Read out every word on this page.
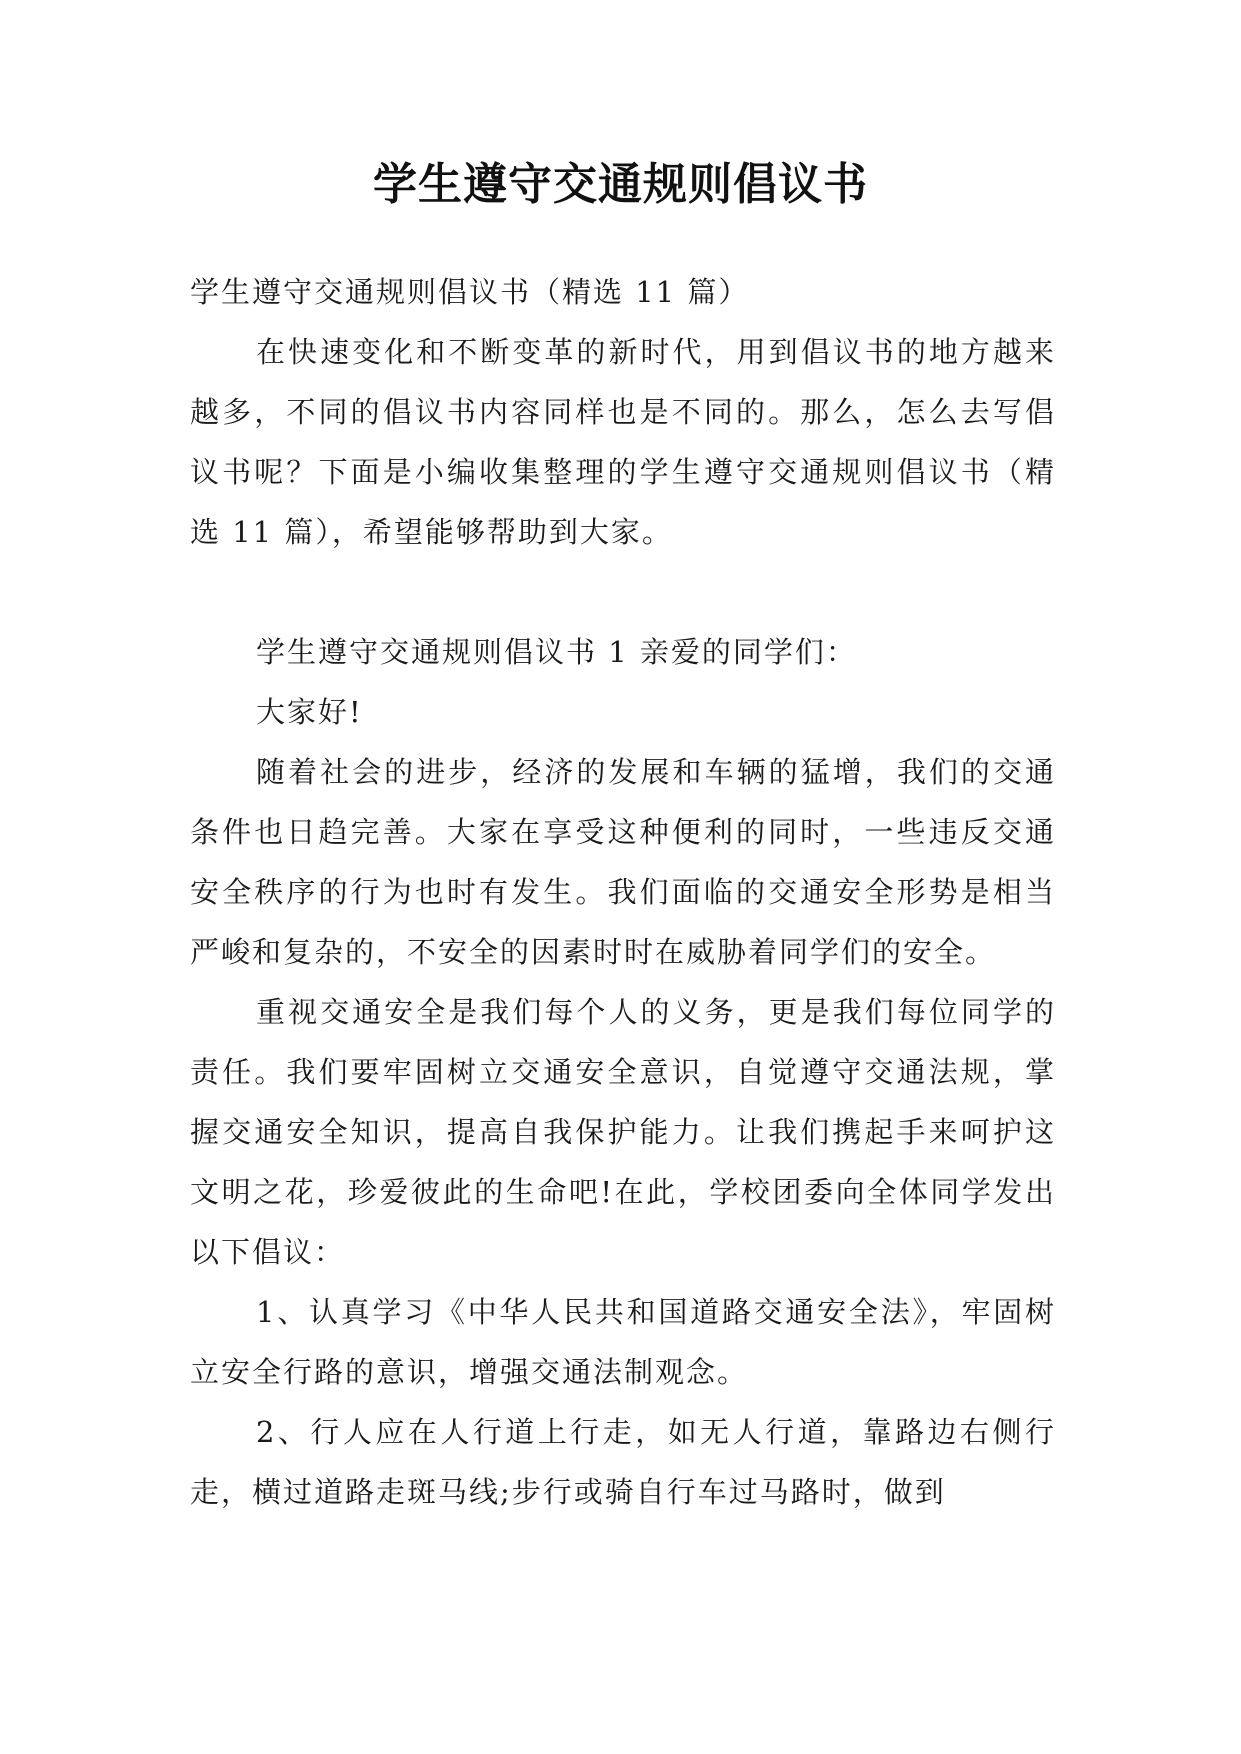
学生遵守交通规则倡议书

学生遵守交通规则倡议书（精选 11 篇）

在快速变化和不断变革的新时代，用到倡议书的地方越来越多，不同的倡议书内容同样也是不同的。那么，怎么去写倡议书呢？下面是小编收集整理的学生遵守交通规则倡议书（精选 11 篇），希望能够帮助到大家。

学生遵守交通规则倡议书 1 亲爱的同学们：

大家好!

随着社会的进步，经济的发展和车辆的猛增，我们的交通条件也日趋完善。大家在享受这种便利的同时，一些违反交通安全秩序的行为也时有发生。我们面临的交通安全形势是相当严峻和复杂的，不安全的因素时时在威胁着同学们的安全。

重视交通安全是我们每个人的义务，更是我们每位同学的责任。我们要牢固树立交通安全意识，自觉遵守交通法规，掌握交通安全知识，提高自我保护能力。让我们携起手来呵护这文明之花，珍爱彼此的生命吧!在此，学校团委向全体同学发出以下倡议：

1、认真学习《中华人民共和国道路交通安全法》，牢固树立安全行路的意识，增强交通法制观念。

2、行人应在人行道上行走，如无人行道，靠路边右侧行走，横过道路走斑马线;步行或骑自行车过马路时，做到
